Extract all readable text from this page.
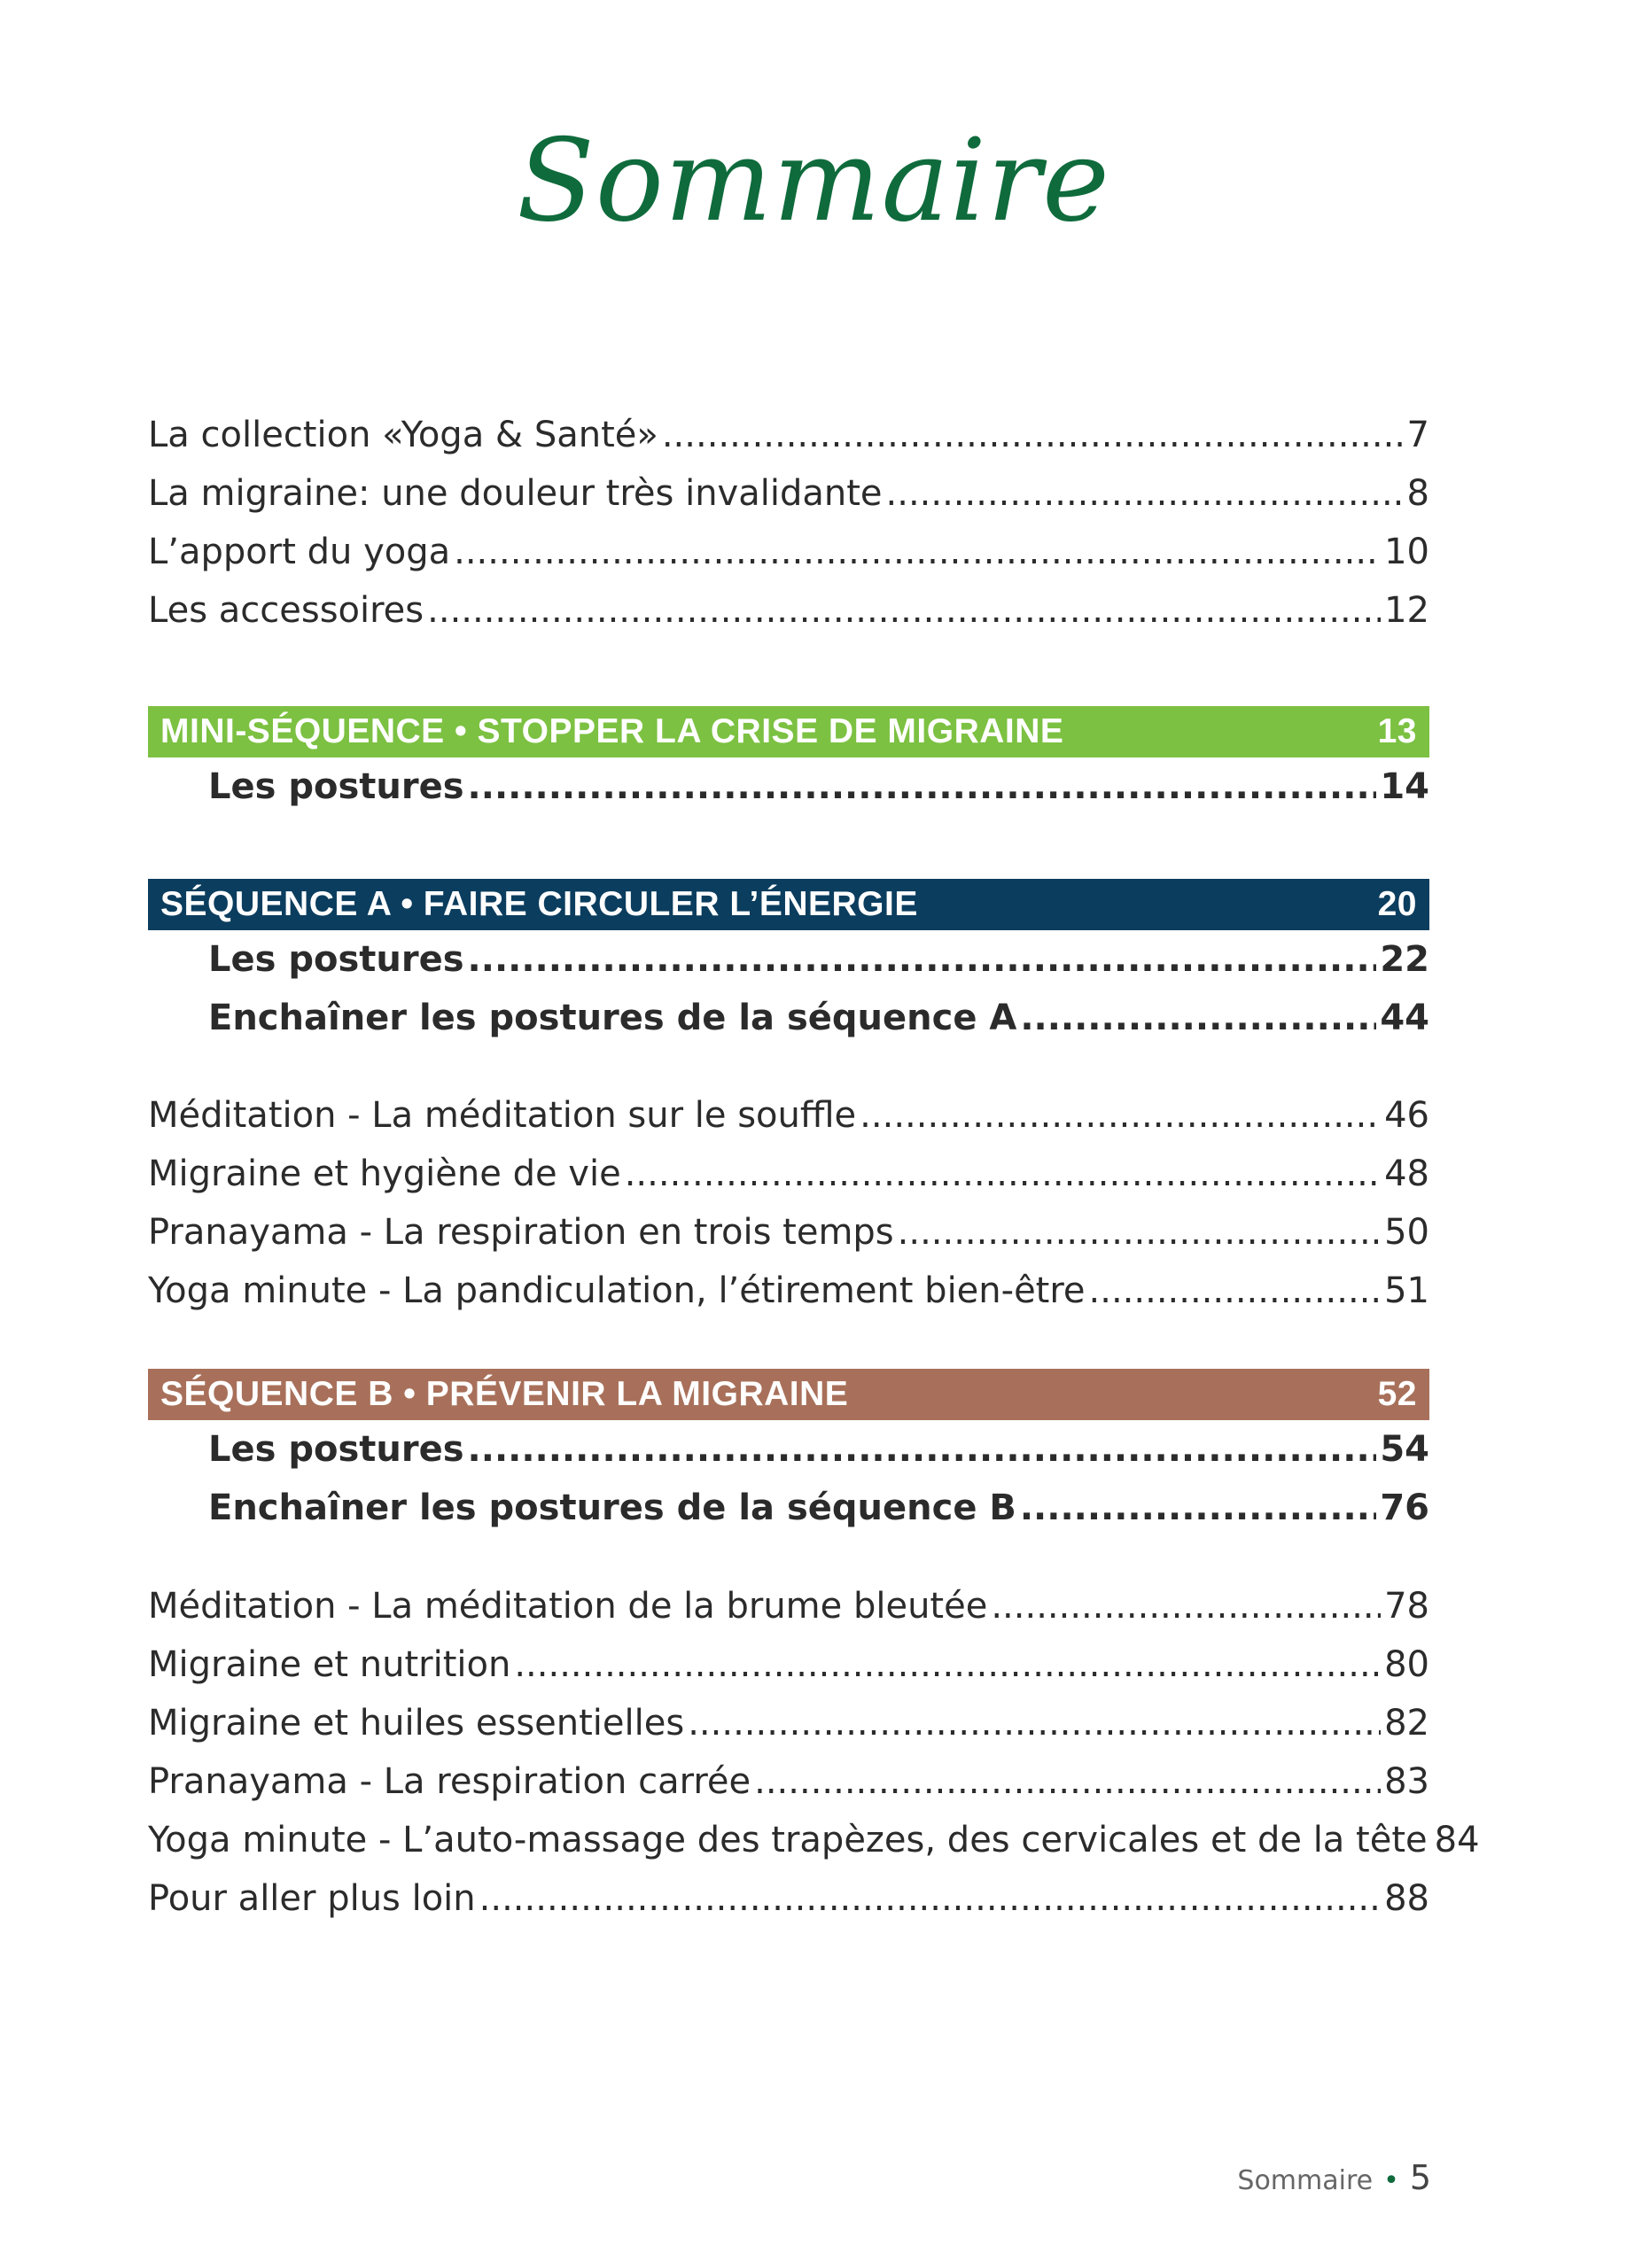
Sommaire
La collection «Yoga & Santé» .....	7
La migraine: une douleur très invalidante .....	8
L’apport du yoga .....	10
Les accessoires .....	12
MINI-SÉQUENCE • STOPPER LA CRISE DE MIGRAINE	13
Les postures .....	14
SÉQUENCE A • FAIRE CIRCULER L’ÉNERGIE	20
Les postures .....	22
Enchaîner les postures de la séquence A .....	44
Méditation - La méditation sur le souffle .....	46
Migraine et hygiène de vie .....	48
Pranayama - La respiration en trois temps .....	50
Yoga minute - La pandiculation, l’étirement bien-être .....	51
SÉQUENCE B • PRÉVENIR LA MIGRAINE	52
Les postures .....	54
Enchaîner les postures de la séquence B .....	76
Méditation - La méditation de la brume bleutée .....	78
Migraine et nutrition .....	80
Migraine et huiles essentielles .....	82
Pranayama - La respiration carrée .....	83
Yoga minute - L’auto-massage des trapèzes, des cervicales et de la tête 84
Pour aller plus loin .....	88
Sommaire • 5
